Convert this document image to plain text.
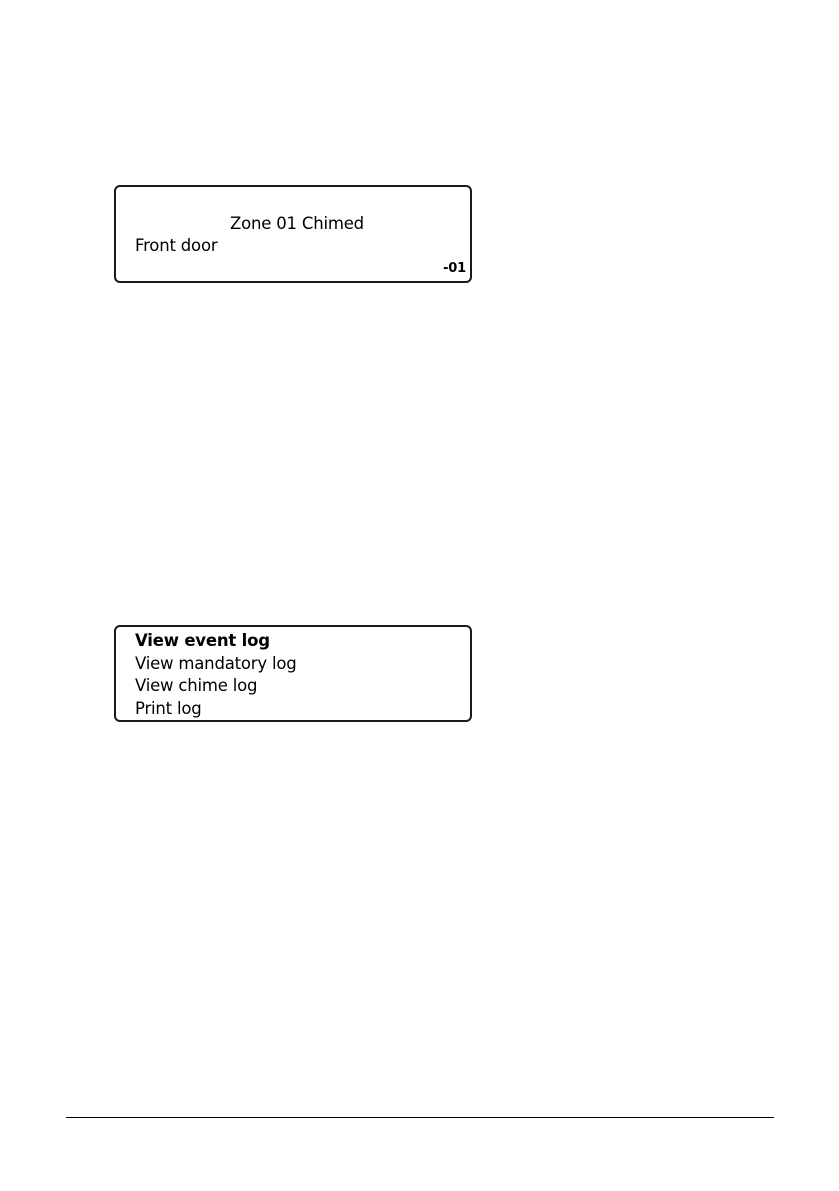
Zone 01 Chimed
Front door
-01
View event log
View mandatory log
View chime log
Print log
